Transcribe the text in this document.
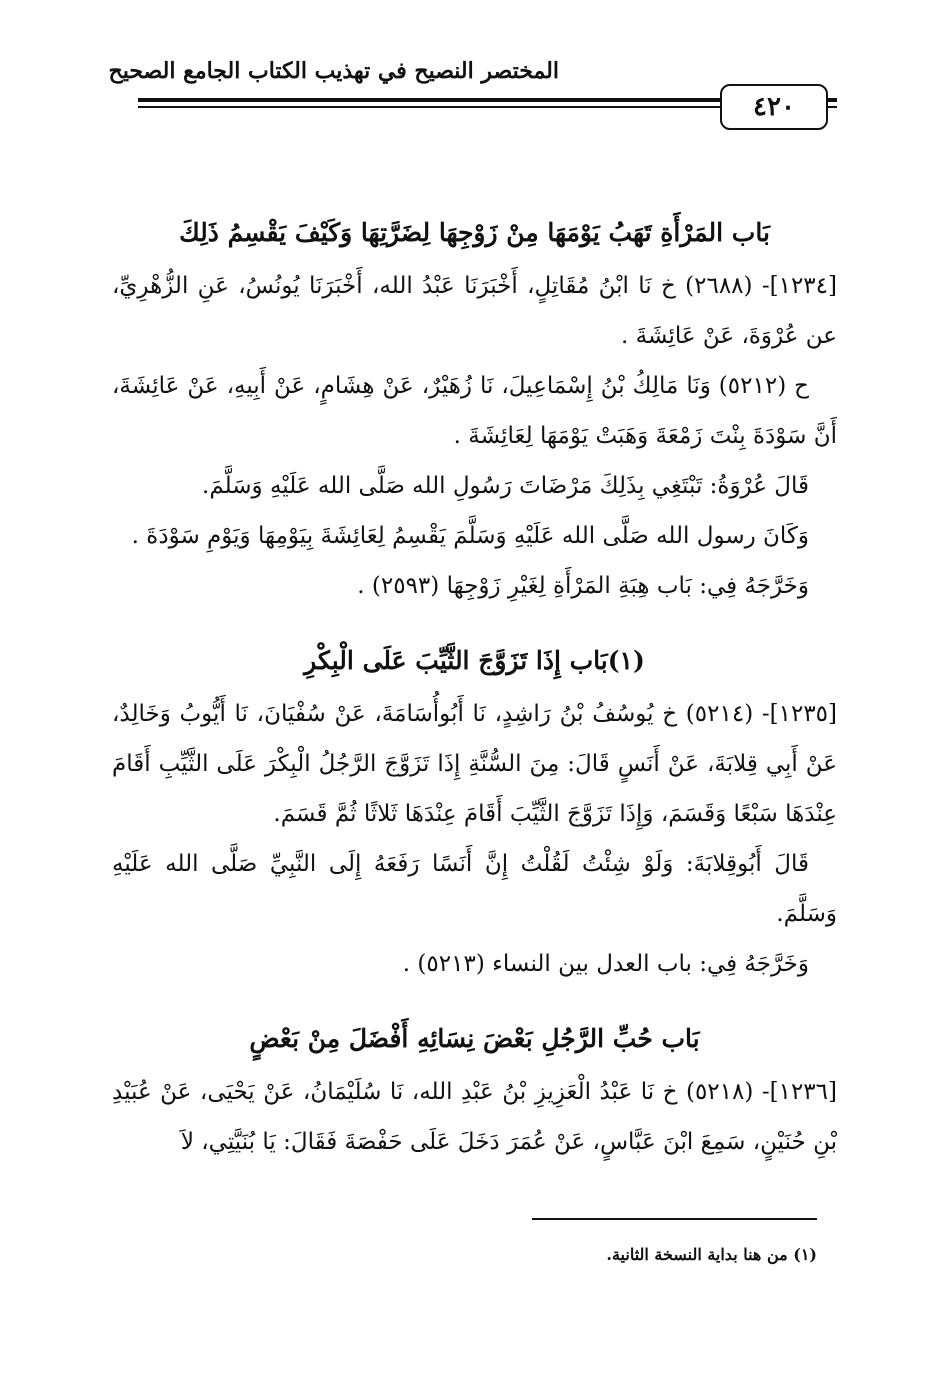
المختصر النصيح في تهذيب الكتاب الجامع الصحيح
٤٢٠
بَاب المَرْأَةِ تَهَبُ يَوْمَهَا مِنْ زَوْجِهَا لِضَرَّتِهَا وَكَيْفَ يَقْسِمُ ذَلِكَ

[١٢٣٤]- (٢٦٨٨) خ نَا ابْنُ مُقَاتِلٍ، أَخْبَرَنَا عَبْدُ الله، أَخْبَرَنَا يُونُسُ، عَنِ الزُّهْرِيِّ، عن عُرْوَةَ، عَنْ عَائِشَةَ .

ح (٥٢١٢) وَنَا مَالِكُ بْنُ إِسْمَاعِيلَ، نَا زُهَيْرٌ، عَنْ هِشَامٍ، عَنْ أَبِيهِ، عَنْ عَائِشَةَ، أَنَّ سَوْدَةَ بِنْتَ زَمْعَةَ وَهَبَتْ يَوْمَهَا لِعَائِشَةَ .

قَالَ عُرْوَةُ: تَبْتَغِي بِذَلِكَ مَرْضَاتَ رَسُولِ الله صَلَّى الله عَلَيْهِ وَسَلَّمَ.

وَكَانَ رسول الله صَلَّى الله عَلَيْهِ وَسَلَّمَ يَقْسِمُ لِعَائِشَةَ بِيَوْمِهَا وَيَوْمِ سَوْدَةَ .

وَخَرَّجَهُ فِي: بَاب هِبَةِ المَرْأَةِ لِغَيْرِ زَوْجِهَا (٢٥٩٣) .

(١)بَاب إِذَا تَزَوَّجَ الثَّيِّبَ عَلَى الْبِكْرِ

[١٢٣٥]- (٥٢١٤) خ يُوسُفُ بْنُ رَاشِدٍ، نَا أَبُوأُسَامَةَ، عَنْ سُفْيَانَ، نَا أَيُّوبُ وَخَالِدٌ، عَنْ أَبِي قِلابَةَ، عَنْ أَنَسٍ قَالَ: مِنَ السُّنَّةِ إِذَا تَزَوَّجَ الرَّجُلُ الْبِكْرَ عَلَى الثَّيِّبِ أَقَامَ عِنْدَهَا سَبْعًا وَقَسَمَ، وَإِذَا تَزَوَّجَ الثَّيِّبَ أَقَامَ عِنْدَهَا ثَلاثًا ثُمَّ قَسَمَ.

قَالَ أَبُوقِلابَةَ: وَلَوْ شِئْتُ لَقُلْتُ إِنَّ أَنَسًا رَفَعَهُ إِلَى النَّبِيِّ صَلَّى الله عَلَيْهِ وَسَلَّمَ.

وَخَرَّجَهُ فِي: باب العدل بين النساء (٥٢١٣) .

بَاب حُبِّ الرَّجُلِ بَعْضَ نِسَائِهِ أَفْضَلَ مِنْ بَعْضٍ

[١٢٣٦]- (٥٢١٨) خ نَا عَبْدُ الْعَزِيزِ بْنُ عَبْدِ الله، نَا سُلَيْمَانُ، عَنْ يَحْيَى، عَنْ عُبَيْدِ بْنِ حُنَيْنٍ، سَمِعَ ابْنَ عَبَّاسٍ، عَنْ عُمَرَ دَخَلَ عَلَى حَفْصَةَ فَقَالَ: يَا بُنَيَّتِي، لاَ

(١) من هنا بداية النسخة الثانية.
